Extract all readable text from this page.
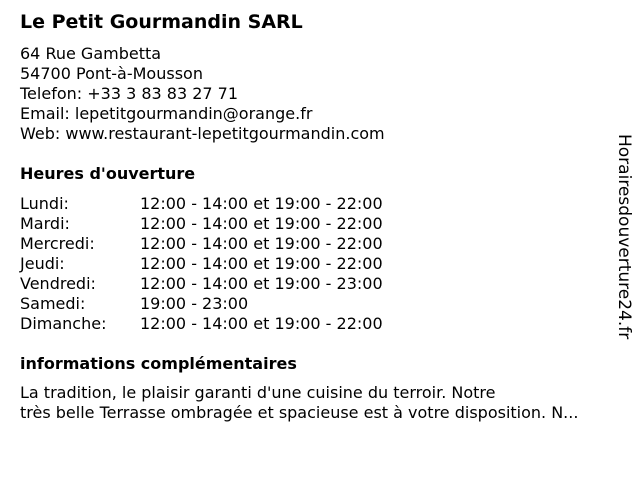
Le Petit Gourmandin SARL
64 Rue Gambetta
54700 Pont-à-Mousson
Telefon: +33 3 83 83 27 71
Email: lepetitgourmandin@orange.fr
Web: www.restaurant-lepetitgourmandin.com
Heures d'ouverture
Lundi:	12:00 - 14:00 et 19:00 - 22:00
Mardi:	12:00 - 14:00 et 19:00 - 22:00
Mercredi:	12:00 - 14:00 et 19:00 - 22:00
Jeudi:	12:00 - 14:00 et 19:00 - 22:00
Vendredi:	12:00 - 14:00 et 19:00 - 23:00
Samedi:	19:00 - 23:00
Dimanche: 12:00 - 14:00 et 19:00 - 22:00
informations complémentaires
La tradition, le plaisir garanti d'une cuisine du terroir. Notre
très belle Terrasse ombragée et spacieuse est à votre disposition. N...
Horairesdouverture24.fr
